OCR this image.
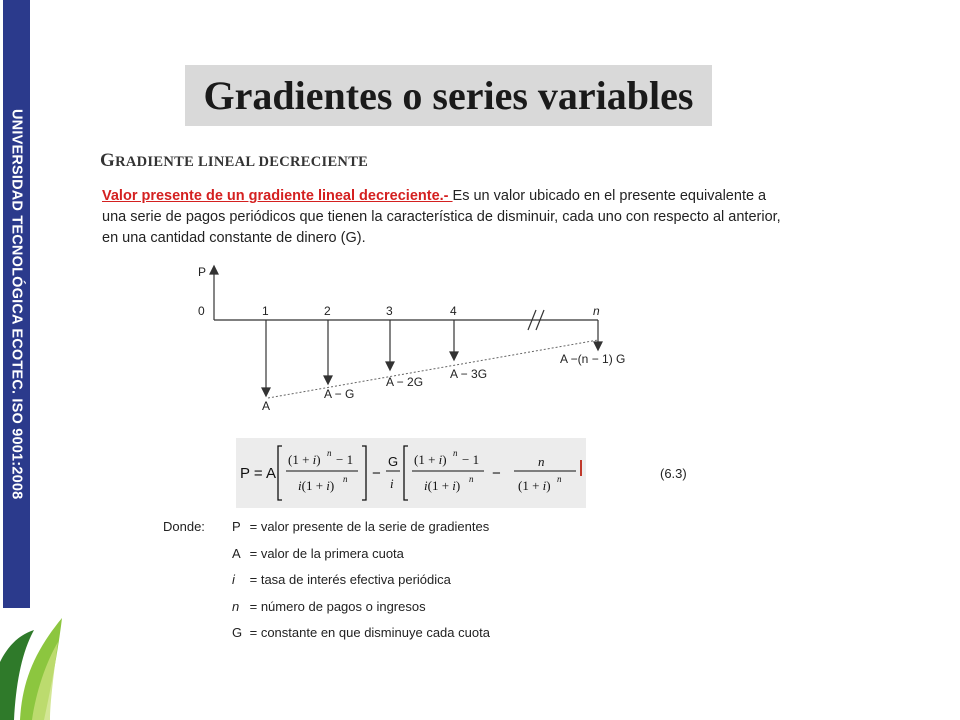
UNIVERSIDAD TECNOLÓGICA ECOTEC. ISO 9001:2008
Gradientes o series variables
GRADIENTE LINEAL DECRECIENTE
Valor presente de un gradiente lineal decreciente.- Es un valor ubicado en el presente equivalente a una serie de pagos periódicos que tienen la característica de disminuir, cada uno con respecto al anterior, en una cantidad constante de dinero (G).
P
0	1	2	3	4	n
A
A − G
A − 2G
A − 3G
A −(n − 1) G
P = A
(1 + i) n − 1
i(1 + i) n −
G
i
(1 + i) n − 1
i(1 + i) n −
n
(1 + i) n	(6.3)
Donde: P = valor presente de la serie de gradientes
A = valor de la primera cuota
i = tasa de interés efectiva periódica
n = número de pagos o ingresos
G = constante en que disminuye cada cuota
